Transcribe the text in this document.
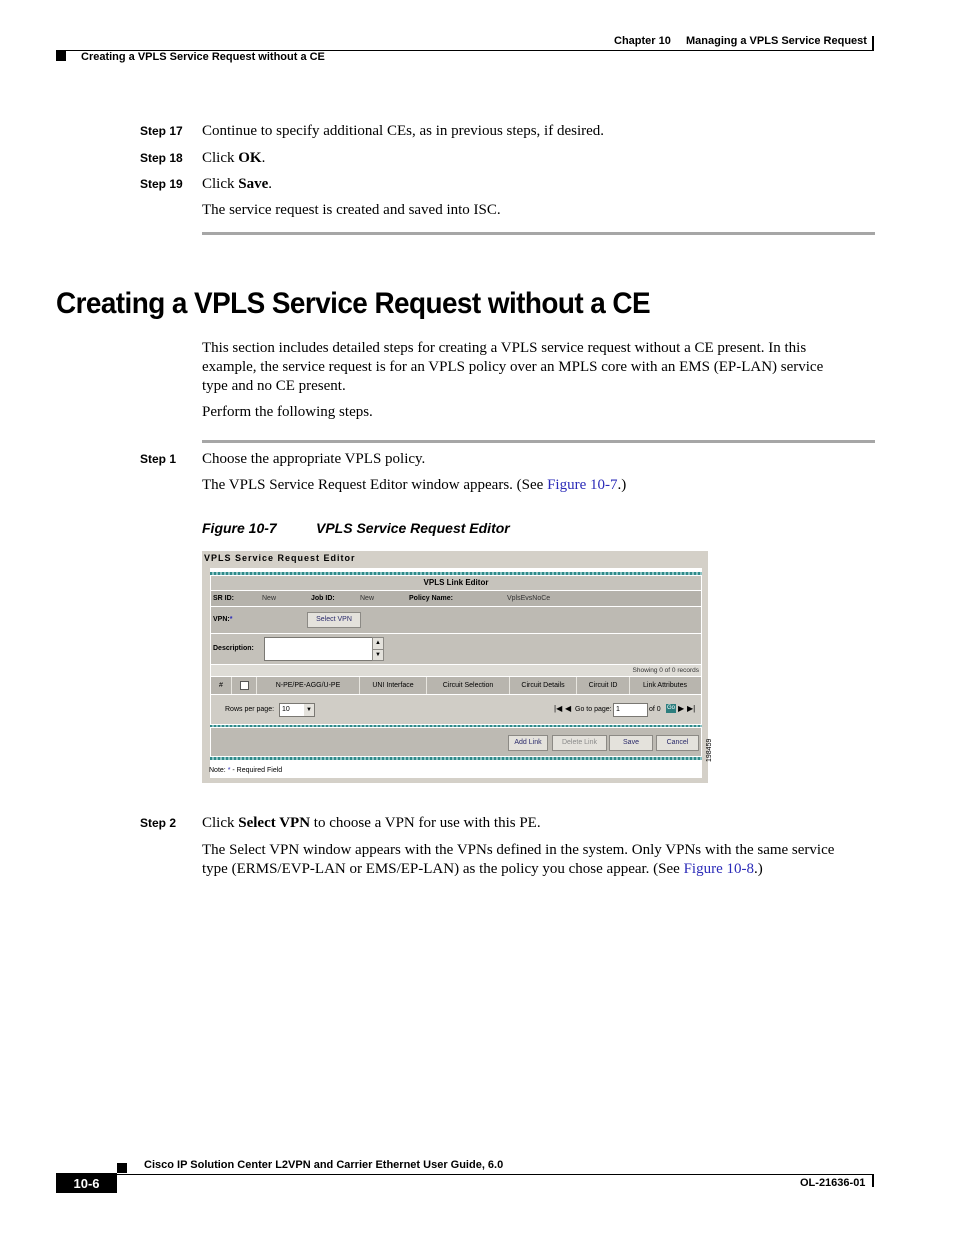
Chapter 10 Managing a VPLS Service Request
Creating a VPLS Service Request without a CE
Step 17 Continue to specify additional CEs, as in previous steps, if desired.
Step 18 Click OK.
Step 19 Click Save.
The service request is created and saved into ISC.
Creating a VPLS Service Request without a CE
This section includes detailed steps for creating a VPLS service request without a CE present. In this
example, the service request is for an VPLS policy over an MPLS core with an EMS (EP-LAN) service
type and no CE present.
Perform the following steps.
Step 1 Choose the appropriate VPLS policy.
The VPLS Service Request Editor window appears. (See Figure 10-7.)
Figure 10-7	VPLS Service Request Editor
VPLS Service Request Editor
VPLS Link Editor
SR ID:	New	Job ID:	New	Policy Name:	VplsEvsNoCe
VPN:*	Select VPN
Description:
▲
▼
Showing 0 of 0 records
#	N-PE/PE-AGG/U-PE	UNI Interface	Circuit Selection	Circuit Details	Circuit ID	Link Attributes
Rows per page: 10	▼	|◀ ◀ Go to page: 1	of 0 Go ▶ ▶|
Add Link	Delete Link	Save	Cancel
Note: * - Required Field
198459
Step 2 Click Select VPN to choose a VPN for use with this PE.
The Select VPN window appears with the VPNs defined in the system. Only VPNs with the same service
type (ERMS/EVP-LAN or EMS/EP-LAN) as the policy you chose appear. (See Figure 10-8.)
Cisco IP Solution Center L2VPN and Carrier Ethernet User Guide, 6.0
10-6	OL-21636-01
